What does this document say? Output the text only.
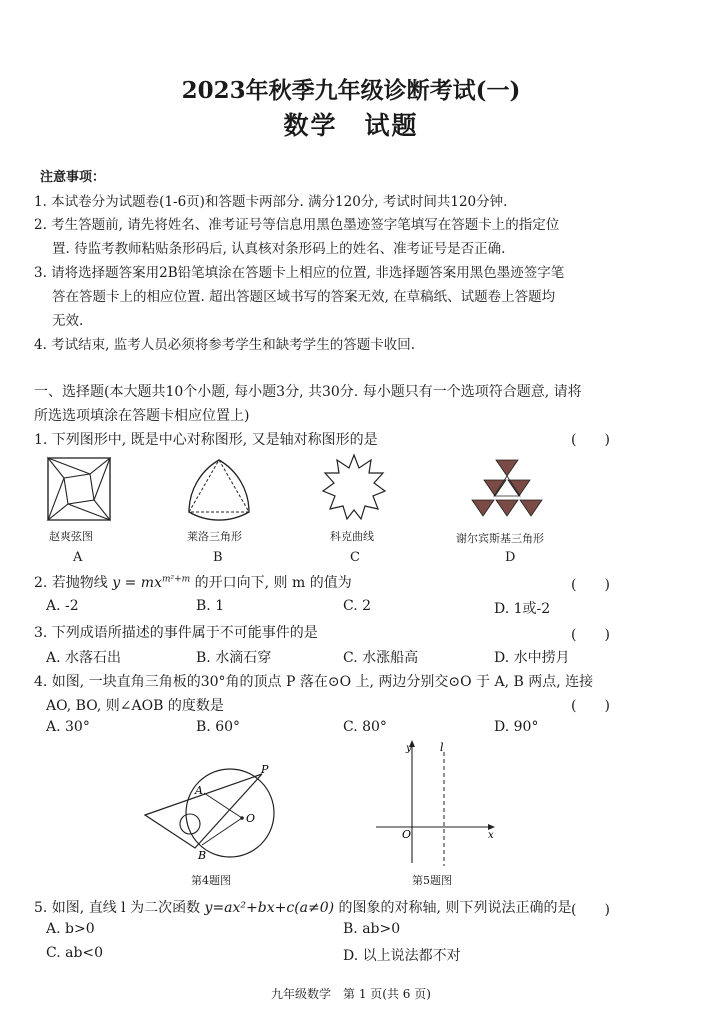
2023年秋季九年级诊断考试(一)
数学　试题
注意事项：
1. 本试卷分为试题卷(1-6页)和答题卡两部分. 满分120分, 考试时间共120分钟.
2. 考生答题前, 请先将姓名、准考证号等信息用黑色墨迹签字笔填写在答题卡上的指定位
置. 待监考教师粘贴条形码后, 认真核对条形码上的姓名、准考证号是否正确.
3. 请将选择题答案用2B铅笔填涂在答题卡上相应的位置, 非选择题答案用黑色墨迹签字笔
答在答题卡上的相应位置. 超出答题区域书写的答案无效, 在草稿纸、试题卷上答题均
无效.
4. 考试结束, 监考人员必须将参考学生和缺考学生的答题卡收回.
一、选择题(本大题共10个小题, 每小题3分, 共30分. 每小题只有一个选项符合题意, 请将
所选选项填涂在答题卡相应位置上)
1. 下列图形中, 既是中心对称图形, 又是轴对称图形的是	(　　)
赵爽弦图
A
莱洛三角形
B
科克曲线
C
谢尔宾斯基三角形
D
2. 若抛物线 $y = mx^{m^2+m}$ 的开口向下, 则 m 的值为	(　　)
A. -2	B. 1	C. 2	D. 1或-2
3. 下列成语所描述的事件属于不可能事件的是	(　　)
A. 水落石出	B. 水滴石穿	C. 水涨船高	D. 水中捞月
4. 如图, 一块直角三角板的30°角的顶点 P 落在⊙O 上, 两边分别交⊙O 于 A, B 两点, 连接
AO, BO, 则∠AOB 的度数是	(　　)
A. 30°	B. 60°	C. 80°	D. 90°
P
A
B
O
第4题图
y	l
O	x
第5题图
5. 如图, 直线 l 为二次函数 y=ax²+bx+c(a≠0) 的图象的对称轴, 则下列说法正确的是 (　　)
A. b>0	B. ab>0
C. ab<0	D. 以上说法都不对
九年级数学　第 1 页(共 6 页)
